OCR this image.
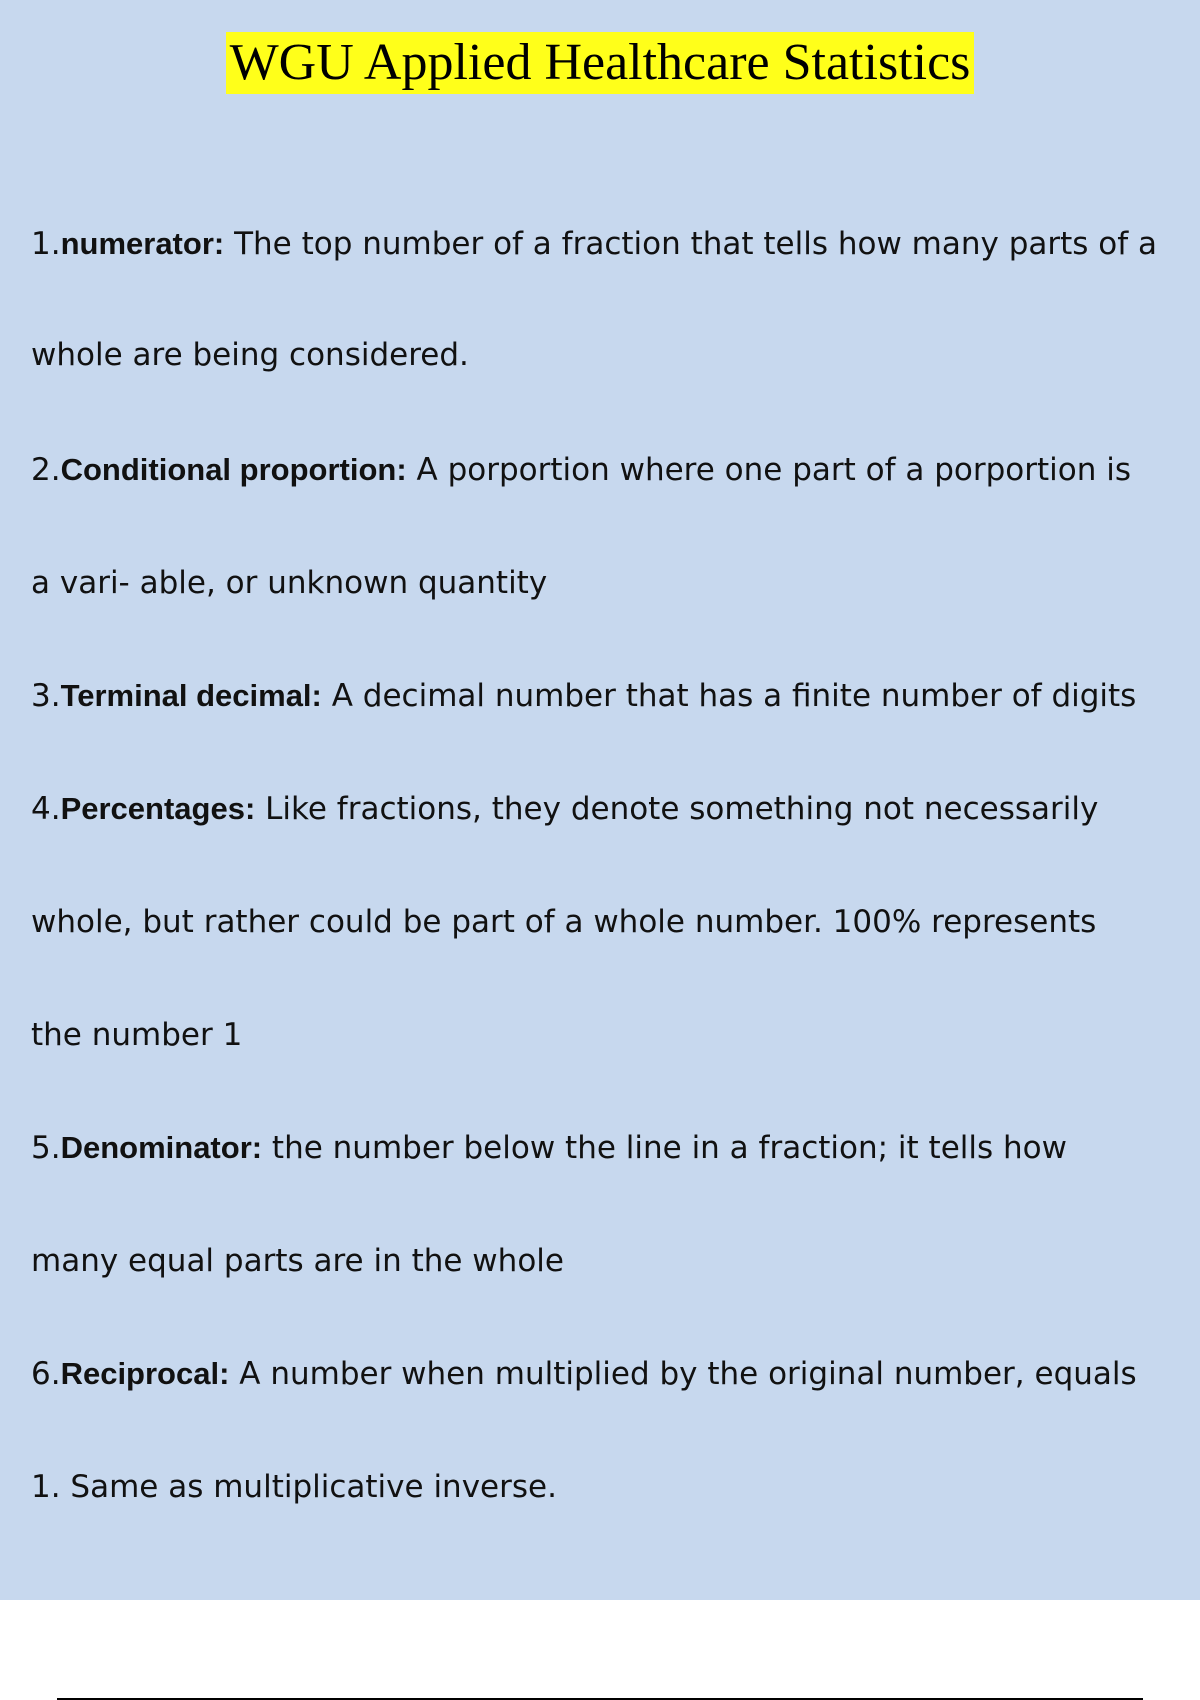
WGU Applied Healthcare Statistics
1.numerator: The top number of a fraction that tells how many parts of a
whole are being considered.
2.Conditional proportion: A porportion where one part of a porportion is
a vari- able, or unknown quantity
3.Terminal decimal: A decimal number that has a finite number of digits
4.Percentages: Like fractions, they denote something not necessarily
whole, but rather could be part of a whole number. 100% represents
the number 1
5.Denominator: the number below the line in a fraction; it tells how
many equal parts are in the whole
6.Reciprocal: A number when multiplied by the original number, equals
1. Same as multiplicative inverse.
